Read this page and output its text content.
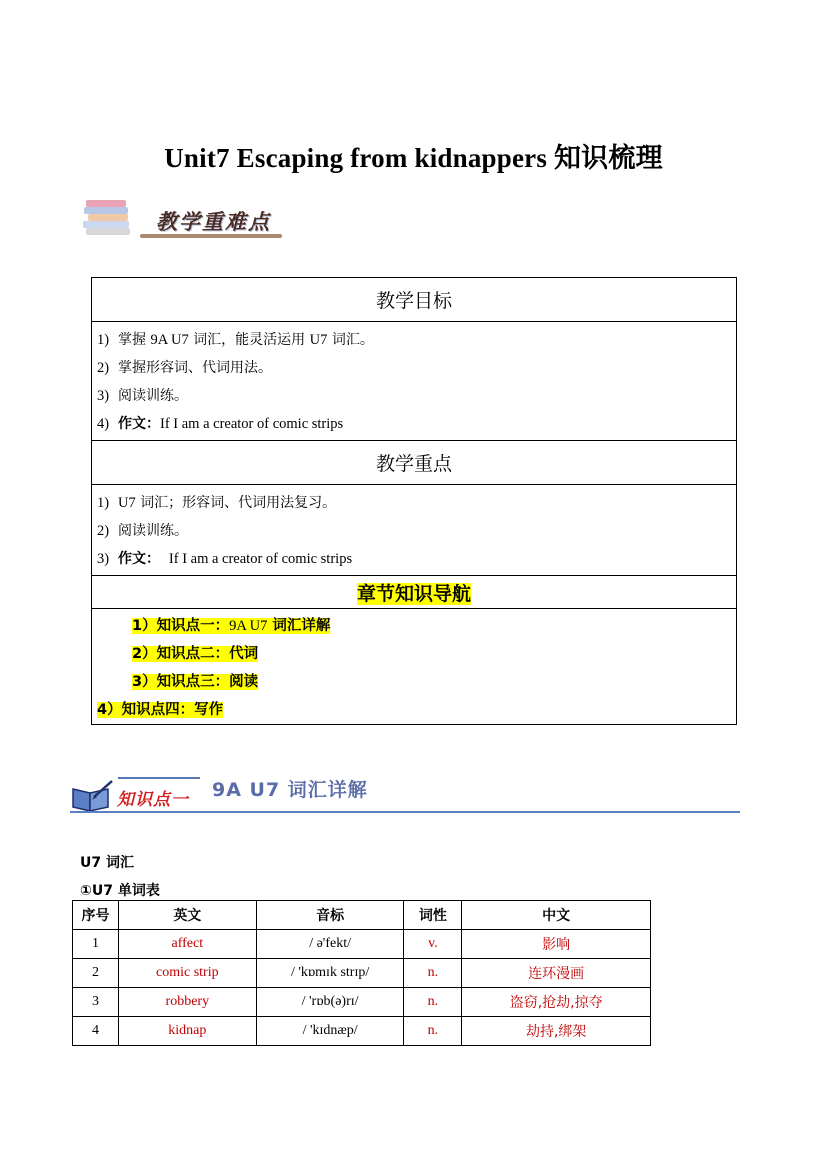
Unit7 Escaping from kidnappers 知识梳理
教学重难点
教学目标

1) 掌握 9A U7 词汇，能灵活运用 U7 词汇。
2) 掌握形容词、代词用法。
3) 阅读训练。
4) 作文：If I am a creator of comic strips

教学重点

1) U7 词汇；形容词、代词用法复习。
2) 阅读训练。
3) 作文： If I am a creator of comic strips

章节知识导航

1）知识点一：9A U7 词汇详解
2）知识点二：代词
3）知识点三：阅读
4）知识点四：写作
知识点一 9A U7 词汇详解
U7 词汇
①U7 单词表
序号	英文	音标	词性	中文
1	affect	/ ə'fekt/	v.	影响
2	comic strip	/ 'kɒmɪk strɪp/	n.	连环漫画
3	robbery	/ 'rɒb(ə)rɪ/	n.	盗窃,抢劫,掠夺
4	kidnap	/ 'kɪdnæp/	n.	劫持,绑架
